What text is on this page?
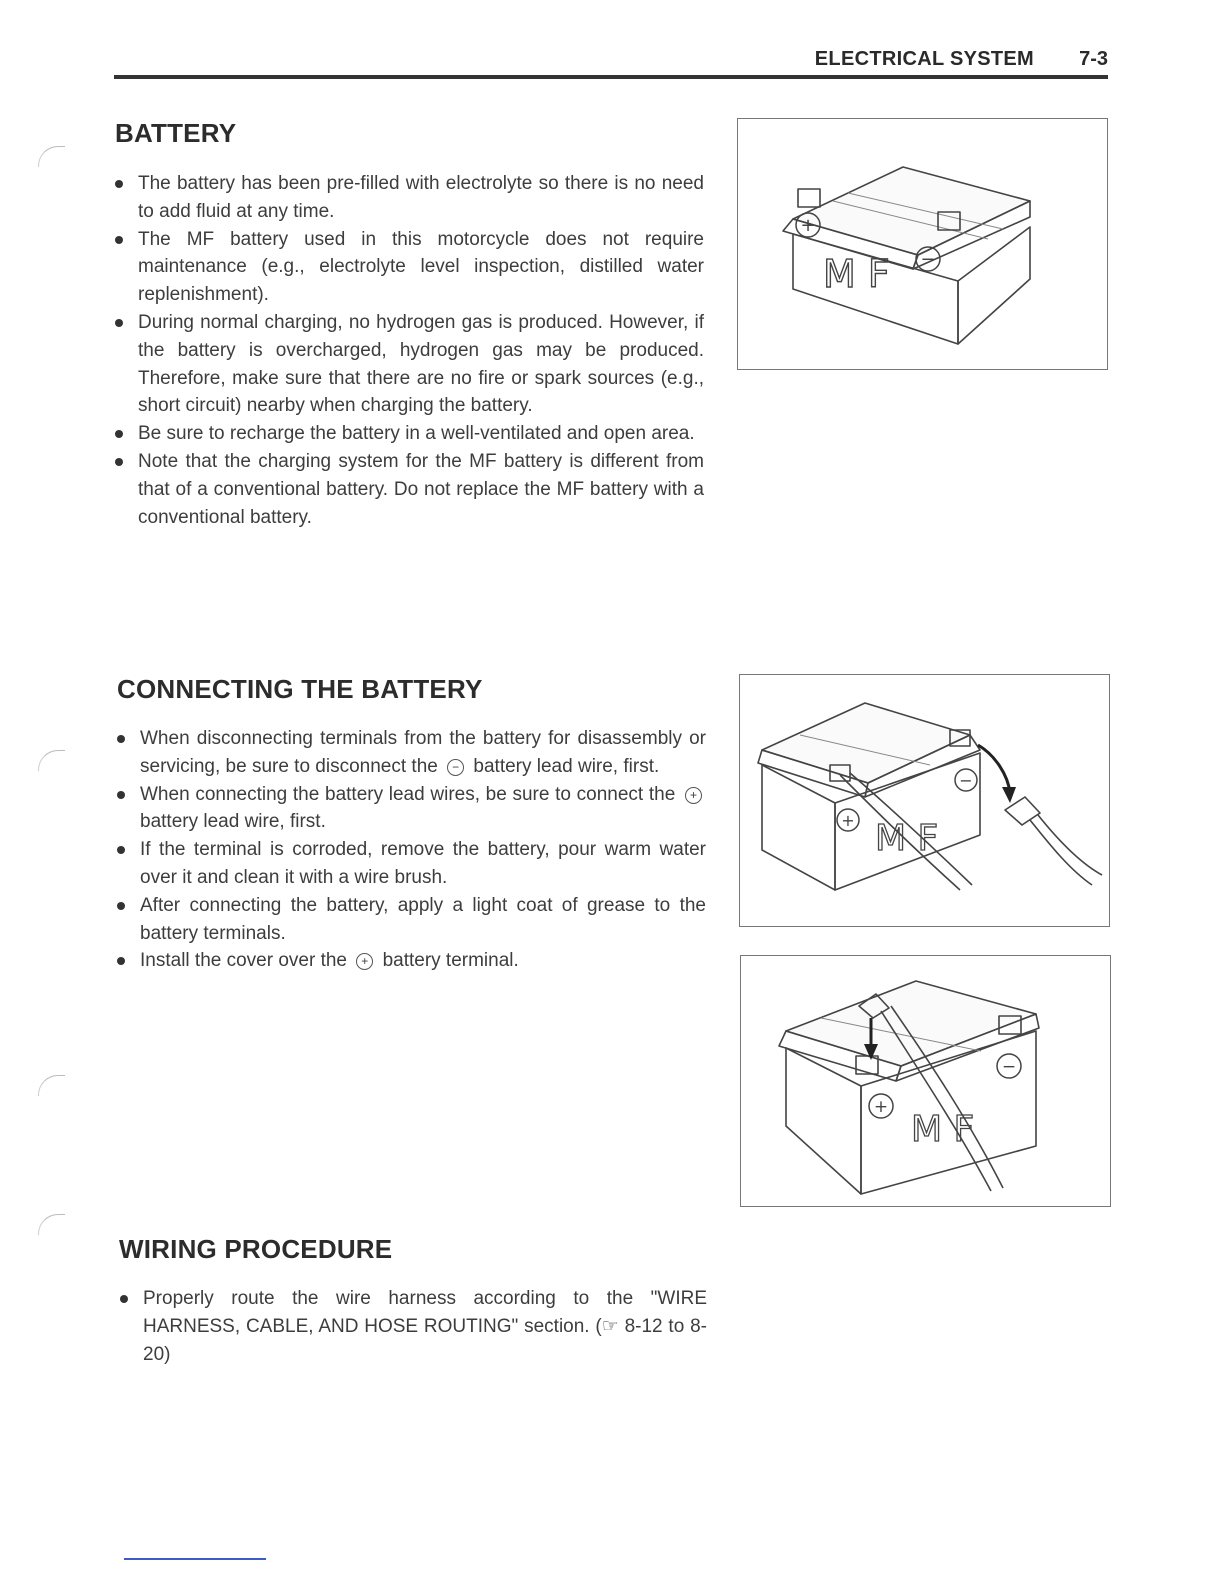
ELECTRICAL SYSTEM 7-3
BATTERY
The battery has been pre-filled with electrolyte so there is no need to add fluid at any time.
The MF battery used in this motorcycle does not require maintenance (e.g., electrolyte level inspection, distilled water replenishment).
During normal charging, no hydrogen gas is produced. However, if the battery is overcharged, hydrogen gas may be produced. Therefore, make sure that there are no fire or spark sources (e.g., short circuit) nearby when charging the battery.
Be sure to recharge the battery in a well-ventilated and open area.
Note that the charging system for the MF battery is different from that of a conventional battery. Do not replace the MF battery with a conventional battery.
+
−
M F
CONNECTING THE BATTERY
When disconnecting terminals from the battery for disassembly or servicing, be sure to disconnect the − battery lead wire, first.
When connecting the battery lead wires, be sure to connect the + battery lead wire, first.
If the terminal is corroded, remove the battery, pour warm water over it and clean it with a wire brush.
After connecting the battery, apply a light coat of grease to the battery terminals.
Install the cover over the + battery terminal.
+
−
M F
+
−
M F
WIRING PROCEDURE
Properly route the wire harness according to the "WIRE HARNESS, CABLE, AND HOSE ROUTING" section. (☞ 8-12 to 8-20)
